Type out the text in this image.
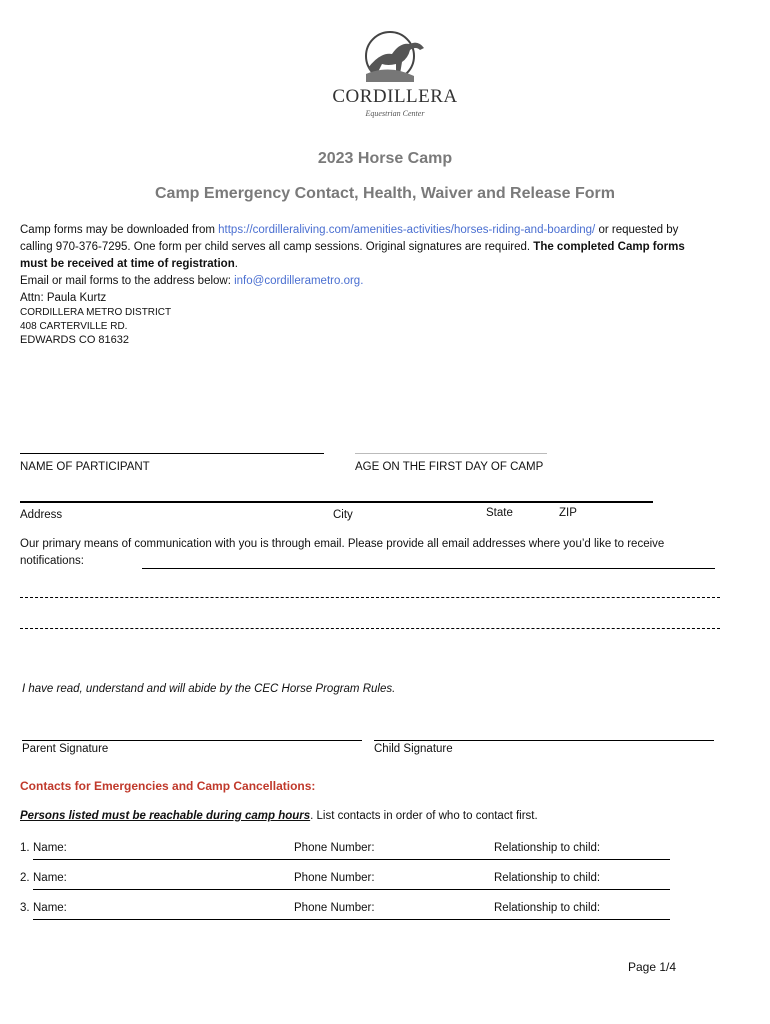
CORDILLERA
Equestrian Center
2023 Horse Camp
Camp Emergency Contact, Health, Waiver and Release Form
Camp forms may be downloaded from https://cordilleraliving.com/amenities-activities/horses-riding-and-boarding/ or requested by calling 970-376-7295. One form per child serves all camp sessions. Original signatures are required. The completed Camp forms must be received at time of registration.
Email or mail forms to the address below: info@cordillerametro.org.
Attn: Paula Kurtz
CORDILLERA METRO DISTRICT
408 CARTERVILLE RD.
EDWARDS CO 81632
NAME OF PARTICIPANT	AGE ON THE FIRST DAY OF CAMP
Address	City	State	ZIP
Our primary means of communication with you is through email. Please provide all email addresses where you’d like to receive notifications:
I have read, understand and will abide by the CEC Horse Program Rules.
Parent Signature	Child Signature
Contacts for Emergencies and Camp Cancellations:
Persons listed must be reachable during camp hours. List contacts in order of who to contact first.
1. Name:	Phone Number:	Relationship to child:
2. Name:	Phone Number:	Relationship to child:
3. Name:	Phone Number:	Relationship to child:
Page 1/4
